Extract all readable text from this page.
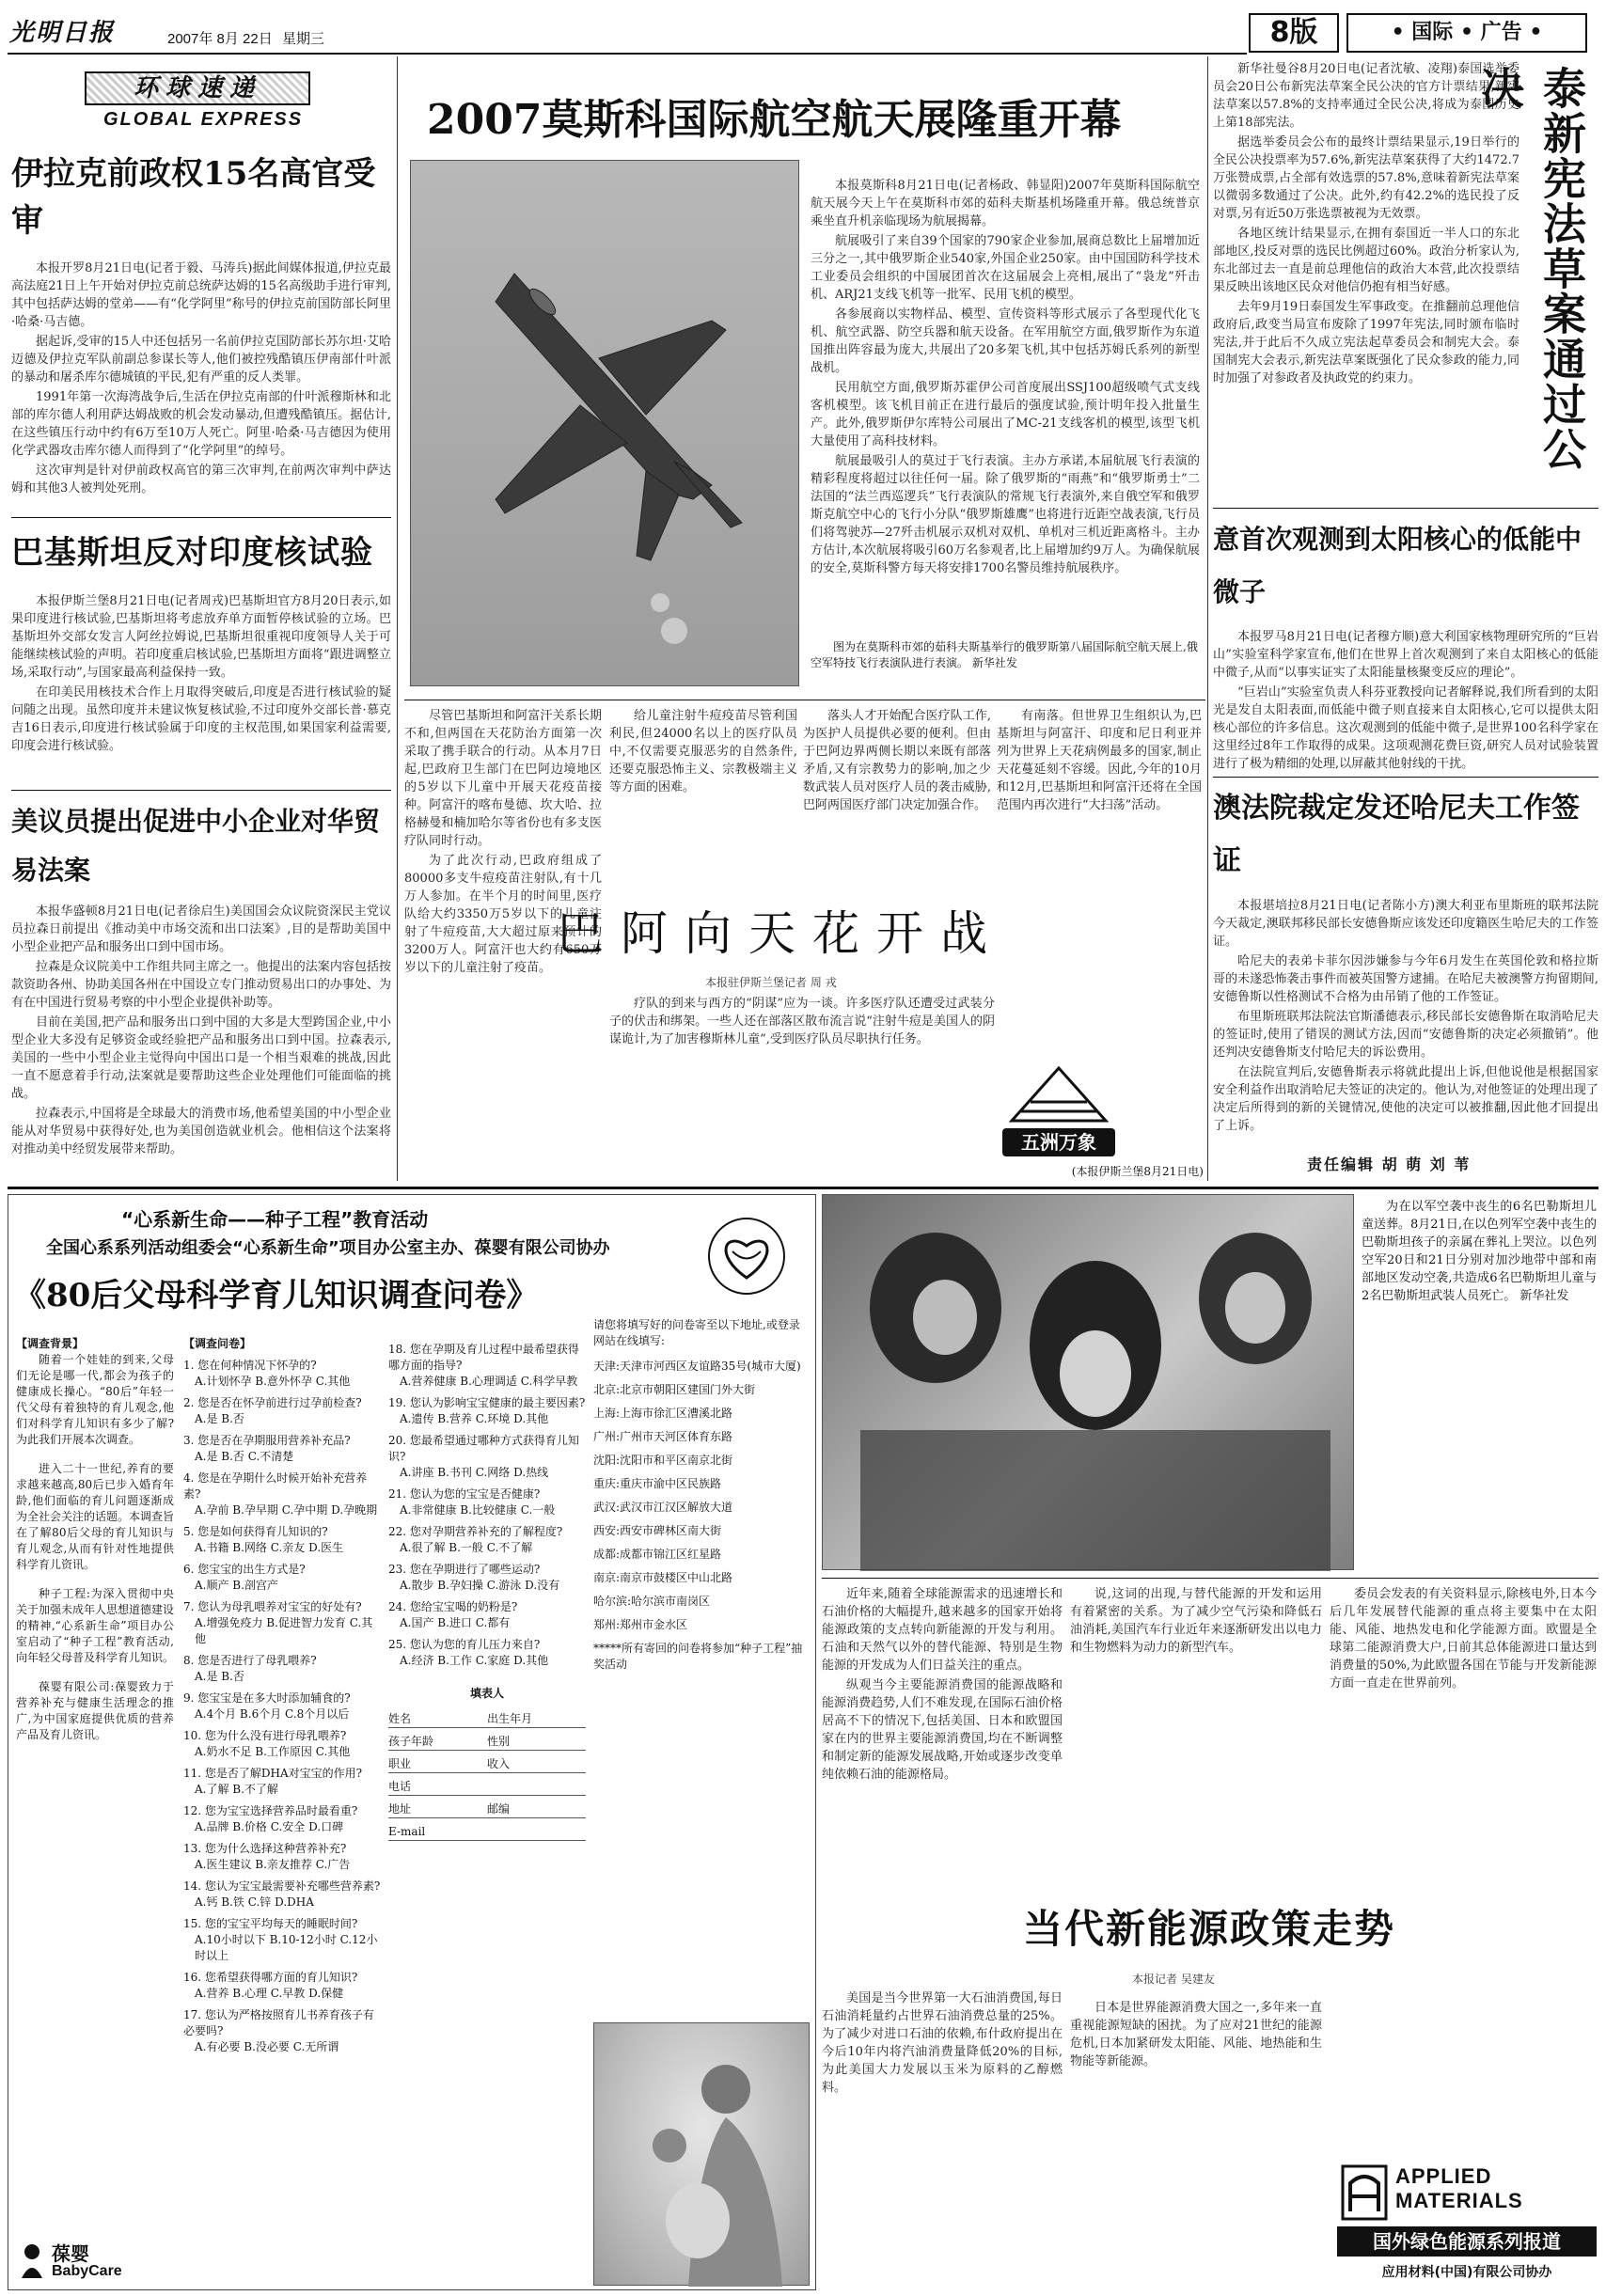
光明日报	2007年 8月 22日 星期三	8版	• 国际 • 广告 •
环球速递
GLOBAL EXPRESS
伊拉克前政权15名高官受审

本报开罗8月21日电(记者于毅、马涛兵)据此间媒体报道,伊拉克最高法庭21日上午开始对伊拉克前总统萨达姆的15名高级助手进行审判,其中包括萨达姆的堂弟——有“化学阿里”称号的伊拉克前国防部长阿里·哈桑·马吉德。

据起诉,受审的15人中还包括另一名前伊拉克国防部长苏尔坦·艾哈迈德及伊拉克军队前副总参谋长等人,他们被控残酷镇压伊南部什叶派的暴动和屠杀库尔德城镇的平民,犯有严重的反人类罪。

1991年第一次海湾战争后,生活在伊拉克南部的什叶派穆斯林和北部的库尔德人利用萨达姆战败的机会发动暴动,但遭残酷镇压。据估计,在这些镇压行动中约有6万至10万人死亡。阿里·哈桑·马吉德因为使用化学武器攻击库尔德人而得到了“化学阿里”的绰号。

这次审判是针对伊前政权高官的第三次审判,在前两次审判中萨达姆和其他3人被判处死刑。

巴基斯坦反对印度核试验

本报伊斯兰堡8月21日电(记者周戎)巴基斯坦官方8月20日表示,如果印度进行核试验,巴基斯坦将考虑放弃单方面暂停核试验的立场。巴基斯坦外交部女发言人阿丝拉姆说,巴基斯坦很重视印度领导人关于可能继续核试验的声明。若印度重启核试验,巴基斯坦方面将“跟进调整立场,采取行动”,与国家最高利益保持一致。

在印美民用核技术合作上月取得突破后,印度是否进行核试验的疑问随之出现。虽然印度并未建议恢复核试验,不过印度外交部长普·慕克吉16日表示,印度进行核试验属于印度的主权范围,如果国家利益需要,印度会进行核试验。

美议员提出促进中小企业对华贸易法案

本报华盛顿8月21日电(记者徐启生)美国国会众议院资深民主党议员拉森日前提出《推动美中市场交流和出口法案》,目的是帮助美国中小型企业把产品和服务出口到中国市场。

拉森是众议院美中工作组共同主席之一。他提出的法案内容包括按款资助各州、协助美国各州在中国设立专门推动贸易出口的办事处、为有在中国进行贸易考察的中小型企业提供补助等。

目前在美国,把产品和服务出口到中国的大多是大型跨国企业,中小型企业大多没有足够资金或经验把产品和服务出口到中国。拉森表示,美国的一些中小型企业主觉得向中国出口是一个相当艰难的挑战,因此一直不愿意着手行动,法案就是要帮助这些企业处理他们可能面临的挑战。

拉森表示,中国将是全球最大的消费市场,他希望美国的中小型企业能从对华贸易中获得好处,也为美国创造就业机会。他相信这个法案将对推动美中经贸发展带来帮助。

2007莫斯科国际航空航天展隆重开幕

本报莫斯科8月21日电(记者杨政、韩显阳)2007年莫斯科国际航空航天展今天上午在莫斯科市郊的茹科夫斯基机场隆重开幕。俄总统普京乘坐直升机亲临现场为航展揭幕。

航展吸引了来自39个国家的790家企业参加,展商总数比上届增加近三分之一,其中俄罗斯企业540家,外国企业250家。由中国国防科学技术工业委员会组织的中国展团首次在这届展会上亮相,展出了“袅龙”歼击机、ARJ21支线飞机等一批军、民用飞机的模型。

各参展商以实物样品、模型、宣传资料等形式展示了各型现代化飞机、航空武器、防空兵器和航天设备。在军用航空方面,俄罗斯作为东道国推出阵容最为庞大,共展出了20多架飞机,其中包括苏姆氏系列的新型战机。

民用航空方面,俄罗斯苏霍伊公司首度展出SSJ100超级喷气式支线客机模型。该飞机目前正在进行最后的强度试验,预计明年投入批量生产。此外,俄罗斯伊尔库特公司展出了MC-21支线客机的模型,该型飞机大量使用了高科技材料。

航展最吸引人的莫过于飞行表演。主办方承诺,本届航展飞行表演的精彩程度将超过以往任何一届。除了俄罗斯的“雨燕”和“俄罗斯勇士”二法国的“法兰西巡逻兵”飞行表演队的常规飞行表演外,来自俄空军和俄罗斯克航空中心的飞行小分队“俄罗斯雄鹰”也将进行近距空战表演,飞行员们将驾驶苏—27歼击机展示双机对双机、单机对三机近距离格斗。主办方估计,本次航展将吸引60万名参观者,比上届增加约9万人。为确保航展的安全,莫斯科警方每天将安排1700名警员维持航展秩序。

图为在莫斯科市郊的茹科夫斯基举行的俄罗斯第八届国际航空航天展上,俄空军特技飞行表演队进行表演。 新华社发

尽管巴基斯坦和阿富汗关系长期不和,但两国在天花防治方面第一次采取了携手联合的行动。从本月7日起,巴政府卫生部门在巴阿边境地区的5岁以下儿童中开展天花疫苗接种。阿富汗的喀布曼德、坎大哈、拉格赫曼和楠加哈尔等省份也有多支医疗队同时行动。

为了此次行动,巴政府组成了80000多支牛痘疫苗注射队,有十几万人参加。在半个月的时间里,医疗队给大约3350万5岁以下的儿童注射了牛痘疫苗,大大超过原来预计的3200万人。阿富汗也大约有650万岁以下的儿童注射了疫苗。

给儿童注射牛痘疫苗尽管利国利民,但24000名以上的医疗队员中,不仅需要克服恶劣的自然条件,还要克服恐怖主义、宗教极端主义等方面的困难。

落头人才开始配合医疗队工作,为医护人员提供必要的便利。但由于巴阿边界两侧长期以来既有部落矛盾,又有宗教势力的影响,加之少数武装人员对医疗人员的袭击威胁,巴阿两国医疗部门决定加强合作。

有南落。但世界卫生组织认为,巴基斯坦与阿富汗、印度和尼日利亚并列为世界上天花病例最多的国家,制止天花蔓延刻不容缓。因此,今年的10月和12月,巴基斯坦和阿富汗还将在全国范围内再次进行“大扫荡”活动。

巴阿向天花开战
本报驻伊斯兰堡记者 周 戎

疗队的到来与西方的“阴谋”应为一谈。许多医疗队还遭受过武装分子的伏击和绑架。一些人还在部落区散布流言说“注射牛痘是美国人的阴谋诡计,为了加害穆斯林儿童”,受到医疗队员尽职执行任务。

五洲万象
(本报伊斯兰堡8月21日电)

新华社曼谷8月20日电(记者沈敏、凌翔)泰国选举委员会20日公布新宪法草案全民公决的官方计票结果,新宪法草案以57.8%的支持率通过全民公决,将成为泰国历史上第18部宪法。

据选举委员会公布的最终计票结果显示,19日举行的全民公决投票率为57.6%,新宪法草案获得了大约1472.7万张赞成票,占全部有效选票的57.8%,意味着新宪法草案以微弱多数通过了公决。此外,约有42.2%的选民投了反对票,另有近50万张选票被视为无效票。

各地区统计结果显示,在拥有泰国近一半人口的东北部地区,投反对票的选民比例超过60%。政治分析家认为,东北部过去一直是前总理他信的政治大本营,此次投票结果反映出该地区民众对他信仍抱有相当好感。

去年9月19日泰国发生军事政变。在推翻前总理他信政府后,政变当局宣布废除了1997年宪法,同时颁布临时宪法,并于此后不久成立宪法起草委员会和制宪大会。泰国制宪大会表示,新宪法草案既强化了民众参政的能力,同时加强了对参政者及执政党的约束力。	泰新宪法草案通过公决
意首次观测到太阳核心的低能中微子

本报罗马8月21日电(记者穆方顺)意大利国家核物理研究所的“巨岩山”实验室科学家宣布,他们在世界上首次观测到了来自太阳核心的低能中微子,从而“以事实证实了太阳能量核聚变反应的理论”。

“巨岩山”实验室负责人科芬亚教授向记者解释说,我们所看到的太阳光是发自太阳表面,而低能中微子则直接来自太阳核心,它可以提供太阳核心部位的许多信息。这次观测到的低能中微子,是世界100名科学家在这里经过8年工作取得的成果。这项观测花费巨资,研究人员对试验装置进行了极为精细的处理,以屏蔽其他射线的干扰。

澳法院裁定发还哈尼夫工作签证

本报堪培拉8月21日电(记者陈小方)澳大利亚布里斯班的联邦法院今天裁定,澳联邦移民部长安德鲁斯应该发还印度籍医生哈尼夫的工作签证。

哈尼夫的表弟卡菲尔因涉嫌参与今年6月发生在英国伦敦和格拉斯哥的未遂恐怖袭击事件而被英国警方逮捕。在哈尼夫被澳警方拘留期间,安德鲁斯以性格测试不合格为由吊销了他的工作签证。

布里斯班联邦法院法官斯潘德表示,移民部长安德鲁斯在取消哈尼夫的签证时,使用了错误的测试方法,因而“安德鲁斯的决定必须撤销”。他还判决安德鲁斯支付哈尼夫的诉讼费用。

在法院宣判后,安德鲁斯表示将就此提出上诉,但他说他是根据国家安全利益作出取消哈尼夫签证的决定的。他认为,对他签证的处理出现了决定后所得到的新的关键情况,使他的决定可以被推翻,因此他才回提出了上诉。

责任编辑 胡 萌 刘 苇
“心系新生命——种子工程”教育活动
全国心系系列活动组委会“心系新生命”项目办公室主办、葆婴有限公司协办
《80后父母科学育儿知识调查问卷》
【调查背景】

随着一个娃娃的到来,父母们无论是哪一代,都会为孩子的健康成长操心。“80后”年轻一代父母有着独特的育儿观念,他们对科学育儿知识有多少了解?为此我们开展本次调查。

进入二十一世纪,养育的要求越来越高,80后已步入婚育年龄,他们面临的育儿问题逐渐成为全社会关注的话题。本调查旨在了解80后父母的育儿知识与育儿观念,从而有针对性地提供科学育儿资讯。

种子工程:为深入贯彻中央关于加强未成年人思想道德建设的精神,“心系新生命”项目办公室启动了“种子工程”教育活动,向年轻父母普及科学育儿知识。

葆婴有限公司:葆婴致力于营养补充与健康生活理念的推广,为中国家庭提供优质的营养产品及育儿资讯。

葆婴
BabyCare
【调查问卷】
1. 您在何种情况下怀孕的?
A.计划怀孕 B.意外怀孕 C.其他
2. 您是否在怀孕前进行过孕前检查?
A.是 B.否
3. 您是否在孕期服用营养补充品?
A.是 B.否 C.不清楚
4. 您是在孕期什么时候开始补充营养素?
A.孕前 B.孕早期 C.孕中期 D.孕晚期
5. 您是如何获得育儿知识的?
A.书籍 B.网络 C.亲友 D.医生
6. 您宝宝的出生方式是?
A.顺产 B.剖宫产
7. 您认为母乳喂养对宝宝的好处有?
A.增强免疫力 B.促进智力发育 C.其他
8. 您是否进行了母乳喂养?
A.是 B.否
9. 您宝宝是在多大时添加辅食的?
A.4个月 B.6个月 C.8个月以后
10. 您为什么没有进行母乳喂养?
A.奶水不足 B.工作原因 C.其他
11. 您是否了解DHA对宝宝的作用?
A.了解 B.不了解
12. 您为宝宝选择营养品时最看重?
A.品牌 B.价格 C.安全 D.口碑
13. 您为什么选择这种营养补充?
A.医生建议 B.亲友推荐 C.广告
14. 您认为宝宝最需要补充哪些营养素?
A.钙 B.铁 C.锌 D.DHA
15. 您的宝宝平均每天的睡眠时间?
A.10小时以下 B.10-12小时 C.12小时以上
16. 您希望获得哪方面的育儿知识?
A.营养 B.心理 C.早教 D.保健
17. 您认为严格按照育儿书养育孩子有必要吗?
A.有必要 B.没必要 C.无所谓
18. 您在孕期及育儿过程中最希望获得哪方面的指导?
A.营养健康 B.心理调适 C.科学早教
19. 您认为影响宝宝健康的最主要因素?
A.遗传 B.营养 C.环境 D.其他
20. 您最希望通过哪种方式获得育儿知识?
A.讲座 B.书刊 C.网络 D.热线
21. 您认为您的宝宝是否健康?
A.非常健康 B.比较健康 C.一般
22. 您对孕期营养补充的了解程度?
A.很了解 B.一般 C.不了解
23. 您在孕期进行了哪些运动?
A.散步 B.孕妇操 C.游泳 D.没有
24. 您给宝宝喝的奶粉是?
A.国产 B.进口 C.都有
25. 您认为您的育儿压力来自?
A.经济 B.工作 C.家庭 D.其他
填表人
姓名	出生年月
孩子年龄	性别
职业	收入
电话
地址	邮编
E-mail

请您将填写好的问卷寄至以下地址,或登录网站在线填写:

天津:天津市河西区友谊路35号(城市大厦)
北京:北京市朝阳区建国门外大街
上海:上海市徐汇区漕溪北路
广州:广州市天河区体育东路
沈阳:沈阳市和平区南京北街
重庆:重庆市渝中区民族路
武汉:武汉市江汉区解放大道
西安:西安市碑林区南大街
成都:成都市锦江区红星路
南京:南京市鼓楼区中山北路
哈尔滨:哈尔滨市南岗区
郑州:郑州市金水区
*****所有寄回的问卷将参加“种子工程”抽奖活动
为在以军空袭中丧生的6名巴勒斯坦儿童送葬。8月21日,在以色列军空袭中丧生的巴勒斯坦孩子的亲属在葬礼上哭泣。以色列空军20日和21日分别对加沙地带中部和南部地区发动空袭,共造成6名巴勒斯坦儿童与2名巴勒斯坦武装人员死亡。 新华社发

近年来,随着全球能源需求的迅速增长和石油价格的大幅提升,越来越多的国家开始将能源政策的支点转向新能源的开发与利用。石油和天然气以外的替代能源、特别是生物能源的开发成为人们日益关注的重点。

纵观当今主要能源消费国的能源战略和能源消费趋势,人们不难发现,在国际石油价格居高不下的情况下,包括美国、日本和欧盟国家在内的世界主要能源消费国,均在不断调整和制定新的能源发展战略,开始或逐步改变单纯依赖石油的能源格局。

说,这词的出现,与替代能源的开发和运用有着紧密的关系。为了减少空气污染和降低石油消耗,美国汽车行业近年来逐渐研发出以电力和生物燃料为动力的新型汽车。

委员会发表的有关资料显示,除核电外,日本今后几年发展替代能源的重点将主要集中在太阳能、风能、地热发电和化学能源方面。欧盟是全球第二能源消费大户,日前其总体能源进口量达到消费量的50%,为此欧盟各国在节能与开发新能源方面一直走在世界前列。

当代新能源政策走势
本报记者 吴建友

美国是当今世界第一大石油消费国,每日石油消耗量约占世界石油消费总量的25%。为了减少对进口石油的依赖,布什政府提出在今后10年内将汽油消费量降低20%的目标,为此美国大力发展以玉米为原料的乙醇燃料。

日本是世界能源消费大国之一,多年来一直重视能源短缺的困扰。为了应对21世纪的能源危机,日本加紧研发太阳能、风能、地热能和生物能等新能源。

APPLIED MATERIALS
国外绿色能源系列报道
应用材料(中国)有限公司协办
